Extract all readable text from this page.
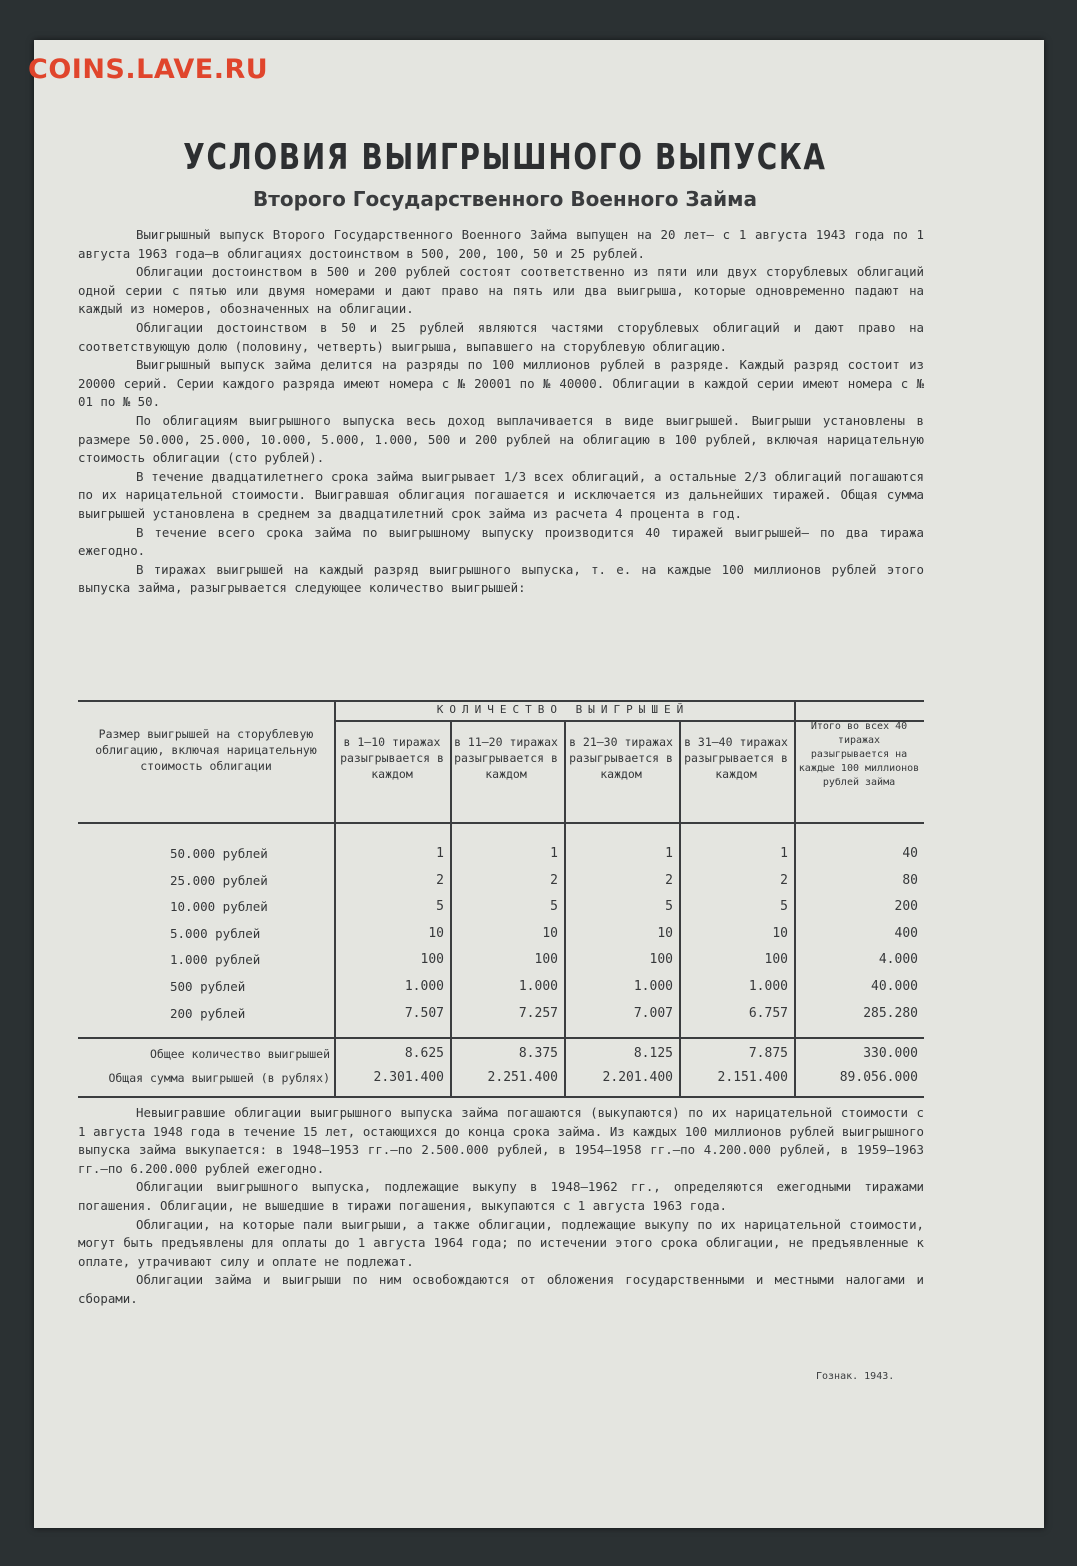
COINS.LAVE.RU
УСЛОВИЯ ВЫИГРЫШНОГО ВЫПУСКА
Второго Государственного Военного Займа

Выигрышный выпуск Второго Государственного Военного Займа выпущен на 20 лет— с 1 августа 1943 года по 1 августа 1963 года—в облигациях достоинством в 500, 200, 100, 50 и 25 рублей.

Облигации достоинством в 500 и 200 рублей состоят соответственно из пяти или двух сторублевых облигаций одной серии с пятью или двумя номерами и дают право на пять или два выигрыша, которые одновременно падают на каждый из номеров, обозначенных на облигации.

Облигации достоинством в 50 и 25 рублей являются частями сторублевых облигаций и дают право на соответствующую долю (половину, четверть) выигрыша, выпавшего на сторублевую облигацию.

Выигрышный выпуск займа делится на разряды по 100 миллионов рублей в разряде. Каждый разряд состоит из 20000 серий. Серии каждого разряда имеют номера с № 20001 по № 40000. Облигации в каждой серии имеют номера с № 01 по № 50.

По облигациям выигрышного выпуска весь доход выплачивается в виде выигрышей. Выигрыши установлены в размере 50.000, 25.000, 10.000, 5.000, 1.000, 500 и 200 рублей на облигацию в 100 рублей, включая нарицательную стоимость облигации (сто рублей).

В течение двадцатилетнего срока займа выигрывает 1/3 всех облигаций, а остальные 2/3 облигаций погашаются по их нарицательной стоимости. Выигравшая облигация погашается и исключается из дальнейших тиражей. Общая сумма выигрышей установлена в среднем за двадцатилетний срок займа из расчета 4 процента в год.

В течение всего срока займа по выигрышному выпуску производится 40 тиражей выигрышей— по два тиража ежегодно.

В тиражах выигрышей на каждый разряд выигрышного выпуска, т. е. на каждые 100 миллионов рублей этого выпуска займа, разыгрывается следующее количество выигрышей:

Размер выигрышей на сторублевую облигацию, включая нарицательную стоимость облигации
КОЛИЧЕСТВО ВЫИГРЫШЕЙ
в 1—10 тиражах разыгрывается в каждом
в 11—20 тиражах разыгрывается в каждом
в 21—30 тиражах разыгрывается в каждом
в 31—40 тиражах разыгрывается в каждом
Итого во всех 40 тиражах разыгрывается на каждые 100 миллионов рублей займа
50.000 рублей	1	1	1	1	40
25.000 рублей	2	2	2	2	80
10.000 рублей	5	5	5	5	200
5.000 рублей	10	10	10	10	400
1.000 рублей	100	100	100	100	4.000
500 рублей	1.000	1.000	1.000	1.000	40.000
200 рублей	7.507	7.257	7.007	6.757	285.280
Общее количество выигрышей	8.625	8.375	8.125	7.875	330.000
Общая сумма выигрышей (в рублях)	2.301.400	2.251.400	2.201.400	2.151.400	89.056.000

Невыигравшие облигации выигрышного выпуска займа погашаются (выкупаются) по их нарицательной стоимости с 1 августа 1948 года в течение 15 лет, остающихся до конца срока займа. Из каждых 100 миллионов рублей выигрышного выпуска займа выкупается: в 1948—1953 гг.—по 2.500.000 рублей, в 1954—1958 гг.—по 4.200.000 рублей, в 1959—1963 гг.—по 6.200.000 рублей ежегодно.

Облигации выигрышного выпуска, подлежащие выкупу в 1948—1962 гг., определяются ежегодными тиражами погашения. Облигации, не вышедшие в тиражи погашения, выкупаются с 1 августа 1963 года.

Облигации, на которые пали выигрыши, а также облигации, подлежащие выкупу по их нарицательной стоимости, могут быть предъявлены для оплаты до 1 августа 1964 года; по истечении этого срока облигации, не предъявленные к оплате, утрачивают силу и оплате не подлежат.

Облигации займа и выигрыши по ним освобождаются от обложения государственными и местными налогами и сборами.

Гознак. 1943.
